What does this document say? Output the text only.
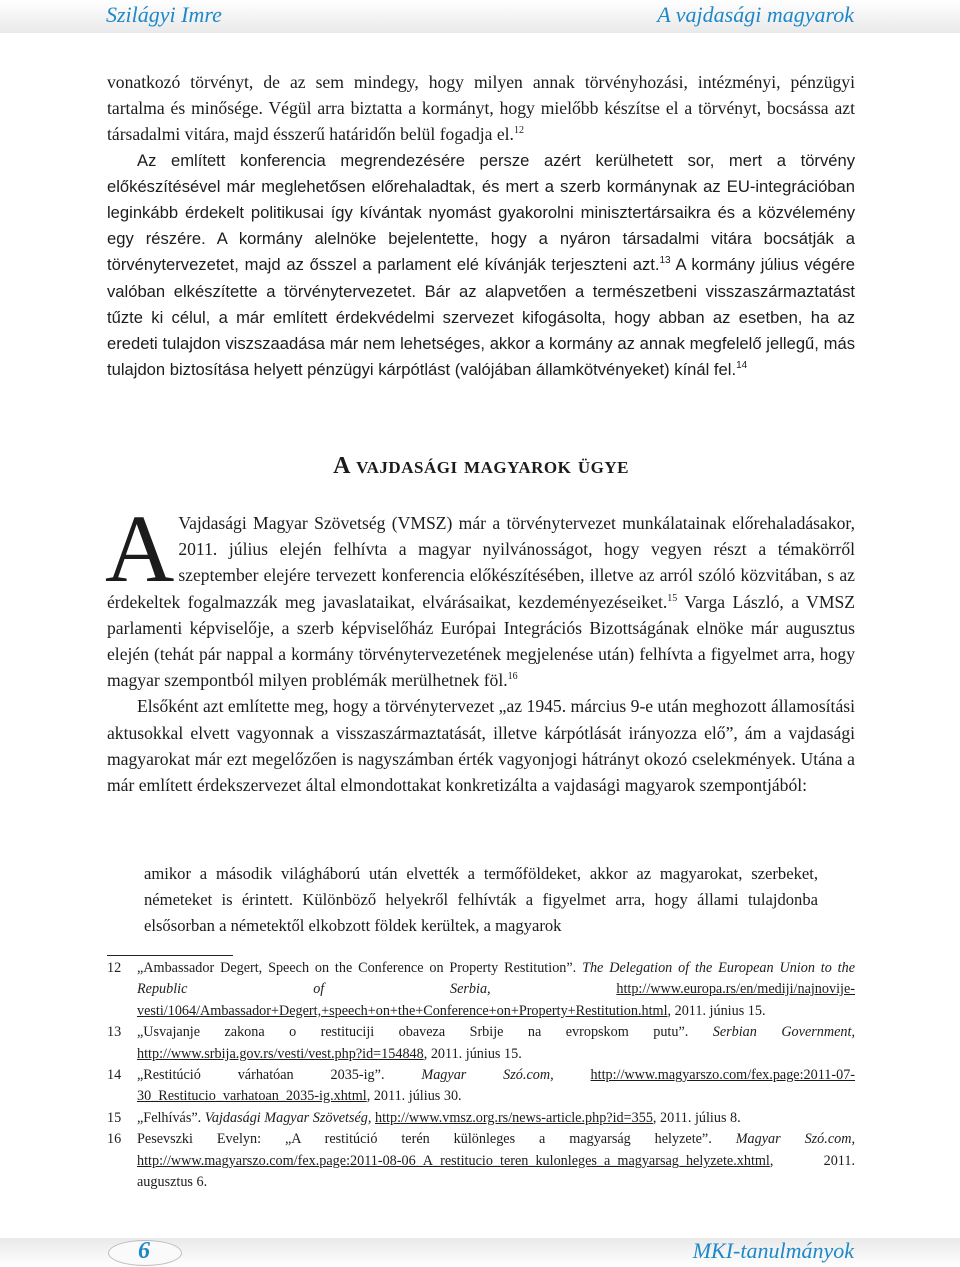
Szilágyi Imre	A vajdasági magyarok

vonatkozó törvényt, de az sem mindegy, hogy milyen annak törvényhozási, intézményi, pénzügyi tartalma és minősége. Végül arra biztatta a kormányt, hogy mielőbb készítse el a törvényt, bocsássa azt társadalmi vitára, majd ésszerű határidőn belül fogadja el.$^{12}$

Az említett konferencia megrendezésére persze azért kerülhetett sor, mert a törvény előkészítésével már meglehetősen előrehaladtak, és mert a szerb kormánynak az EU-integrációban leginkább érdekelt politikusai így kívántak nyomást gyakorolni minisztertársaikra és a közvélemény egy részére. A kormány alelnöke bejelentette, hogy a nyáron társadalmi vitára bocsátják a törvénytervezetet, majd az ősszel a parlament elé kívánják terjeszteni azt.$^{13}$ A kormány július végére valóban elkészítette a törvénytervezetet. Bár az alapvetően a természetbeni visszaszármaztatást tűzte ki célul, a már említett érdekvédelmi szervezet kifogásolta, hogy abban az esetben, ha az eredeti tulajdon viszszaadása már nem lehetséges, akkor a kormány az annak megfelelő jellegű, más tulajdon biztosítása helyett pénzügyi kárpótlást (valójában államkötvényeket) kínál fel.$^{14}$

A vajdasági magyarok ügye

A Vajdasági Magyar Szövetség (VMSZ) már a törvénytervezet munkálatainak előrehaladásakor, 2011. július elején felhívta a magyar nyilvánosságot, hogy vegyen részt a témakörről szeptember elejére tervezett konferencia előkészítésében, illetve az arról szóló közvitában, s az érdekeltek fogalmazzák meg javaslataikat, elvárásaikat, kezdeményezéseiket.$^{15}$ Varga László, a VMSZ parlamenti képviselője, a szerb képviselőház Európai Integrációs Bizottságának elnöke már augusztus elején (tehát pár nappal a kormány törvénytervezetének megjelenése után) felhívta a figyelmet arra, hogy magyar szempontból milyen problémák merülhetnek föl.$^{16}$

Elsőként azt említette meg, hogy a törvénytervezet „az 1945. március 9-e után meghozott államosítási aktusokkal elvett vagyonnak a visszaszármaztatását, illetve kárpótlását irányozza elő”, ám a vajdasági magyarokat már ezt megelőzően is nagyszámban érték vagyonjogi hátrányt okozó cselekmények. Utána a már említett érdekszervezet által elmondottakat konkretizálta a vajdasági magyarok szempontjából:

amikor a második világháború után elvették a termőföldeket, akkor az magyarokat, szerbeket, németeket is érintett. Különböző helyekről felhívták a figyelmet arra, hogy állami tulajdonba elsősorban a németektől elkobzott földek kerültek, a magyarok

12 „Ambassador Degert, Speech on the Conference on Property Restitution”. The Delegation of the European Union to the Republic of Serbia,	http://www.europa.rs/en/mediji/najnovije-vesti/1064/Ambassador+Degert,+speech+on+the+Conference+on+Property+Restitution.html, 2011. június 15.
13 „Usvajanje zakona o restituciji obaveza Srbije na evropskom putu”. Serbian Government, http://www.srbija.gov.rs/vesti/vest.php?id=154848, 2011. június 15.
14 „Restitúció várhatóan 2035-ig”. Magyar Szó.com,	http://www.magyarszo.com/fex.page:2011-07-30_Restitucio_varhatoan_2035-ig.xhtml, 2011. július 30.
15 „Felhívás”. Vajdasági Magyar Szövetség, http://www.vmsz.org.rs/news-article.php?id=355, 2011. július 8.
16 Pesevszki Evelyn: „A restitúció terén különleges a magyarság helyzete”. Magyar Szó.com, http://www.magyarszo.com/fex.page:2011-08-06_A_restitucio_teren_kulonleges_a_magyarsag_helyzete.xhtml, 2011. augusztus 6.
6	MKI-tanulmányok
